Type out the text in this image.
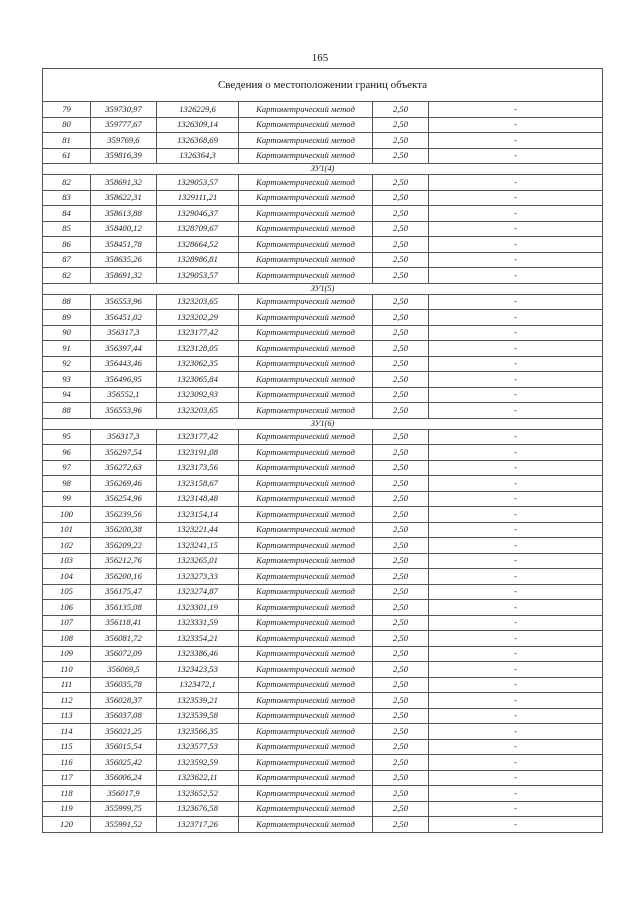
165
Сведения о местоположении границ объекта					
79	359730,97	1326229,6	Картометрический метод	2,50	-
80	359777,67	1326309,14	Картометрический метод	2,50	-
81	359769,6	1326368,69	Картометрический метод	2,50	-
61	359816,39	1326364,3	Картометрический метод	2,50	-
ЗУ1(4)					
82	358691,32	1329053,57	Картометрический метод	2,50	-
83	358622,31	1329111,21	Картометрический метод	2,50	-
84	358613,88	1329046,37	Картометрический метод	2,50	-
85	358400,12	1328709,67	Картометрический метод	2,50	-
86	358451,78	1328664,52	Картометрический метод	2,50	-
87	358635,26	1328986,81	Картометрический метод	2,50	-
82	358691,32	1329053,57	Картометрический метод	2,50	-
ЗУ1(5)					
88	356553,96	1323203,65	Картометрический метод	2,50	-
89	356451,02	1323202,29	Картометрический метод	2,50	-
90	356317,3	1323177,42	Картометрический метод	2,50	-
91	356397,44	1323128,05	Картометрический метод	2,50	-
92	356443,46	1323062,35	Картометрический метод	2,50	-
93	356496,95	1323065,84	Картометрический метод	2,50	-
94	356552,1	1323092,93	Картометрический метод	2,50	-
88	356553,96	1323203,65	Картометрический метод	2,50	-
ЗУ1(6)					
95	356317,3	1323177,42	Картометрический метод	2,50	-
96	356297,54	1323191,08	Картометрический метод	2,50	-
97	356272,63	1323173,56	Картометрический метод	2,50	-
98	356269,46	1323158,67	Картометрический метод	2,50	-
99	356254,96	1323148,48	Картометрический метод	2,50	-
100	356239,56	1323154,14	Картометрический метод	2,50	-
101	356200,38	1323221,44	Картометрический метод	2,50	-
102	356209,22	1323241,15	Картометрический метод	2,50	-
103	356212,76	1323265,01	Картометрический метод	2,50	-
104	356200,16	1323273,33	Картометрический метод	2,50	-
105	356175,47	1323274,87	Картометрический метод	2,50	-
106	356135,08	1323301,19	Картометрический метод	2,50	-
107	356118,41	1323331,59	Картометрический метод	2,50	-
108	356081,72	1323354,21	Картометрический метод	2,50	-
109	356072,09	1323386,46	Картометрический метод	2,50	-
110	356069,5	1323423,53	Картометрический метод	2,50	-
111	356035,78	1323472,1	Картометрический метод	2,50	-
112	356028,37	1323539,21	Картометрический метод	2,50	-
113	356037,08	1323539,58	Картометрический метод	2,50	-
114	356021,25	1323566,35	Картометрический метод	2,50	-
115	356015,54	1323577,53	Картометрический метод	2,50	-
116	356025,42	1323592,59	Картометрический метод	2,50	-
117	356006,24	1323622,11	Картометрический метод	2,50	-
118	356017,9	1323652,52	Картометрический метод	2,50	-
119	355999,75	1323676,58	Картометрический метод	2,50	-
120	355991,52	1323717,26	Картометрический метод	2,50	-
